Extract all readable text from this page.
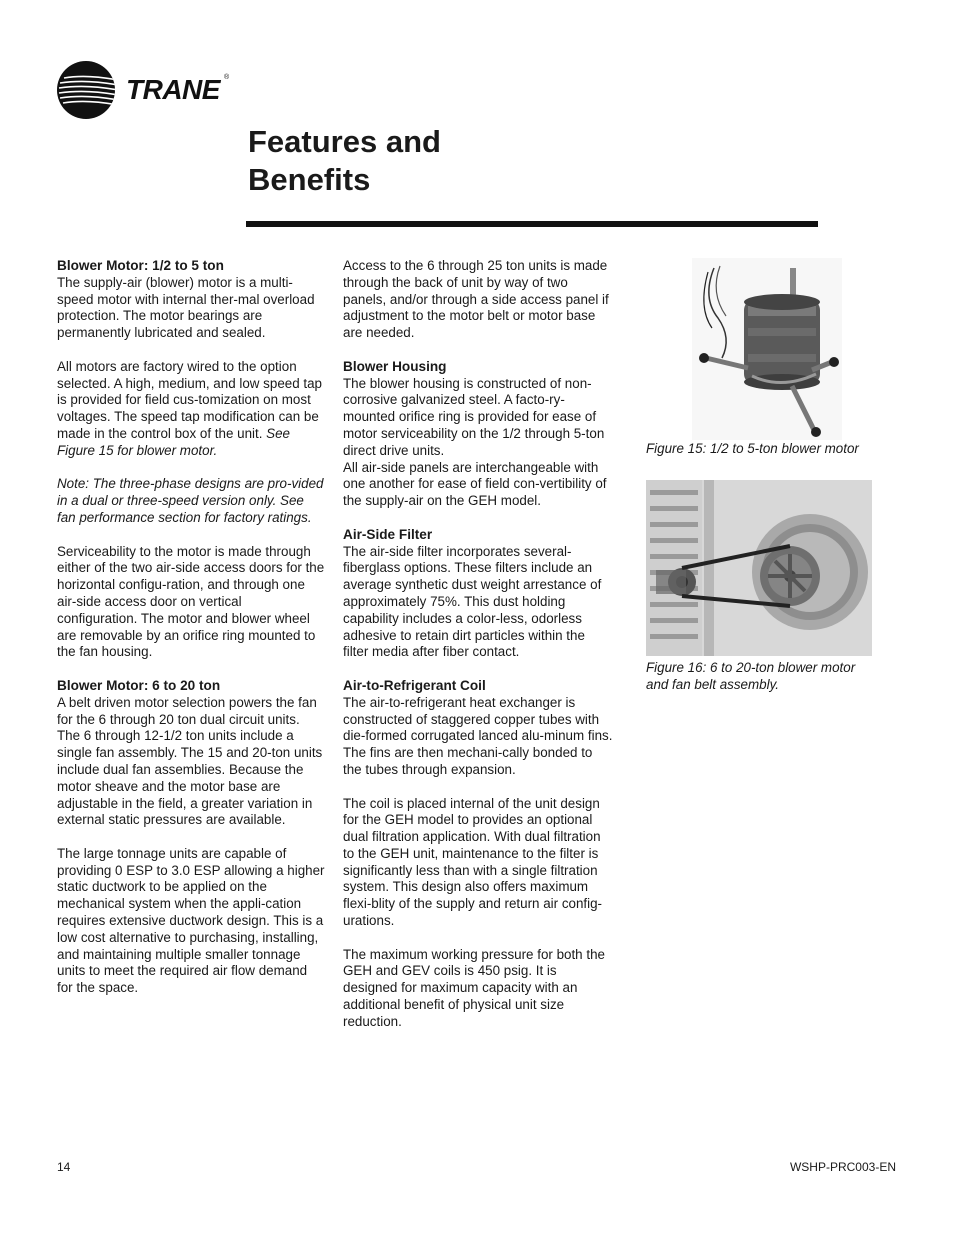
TRANE ®
Features and
Benefits
Blower Motor: 1/2 to 5 ton

The supply-air (blower) motor is a multi-speed motor with internal ther-mal overload protection. The motor bearings are permanently lubricated and sealed.

All motors are factory wired to the option selected. A high, medium, and low speed tap is provided for field cus-tomization on most voltages. The speed tap modification can be made in the control box of the unit. See Figure 15 for blower motor.

Note: The three-phase designs are pro-vided in a dual or three-speed version only. See fan performance section for factory ratings.

Serviceability to the motor is made through either of the two air-side access doors for the horizontal configu-ration, and through one air-side access door on vertical configuration. The motor and blower wheel are removable by an orifice ring mounted to the fan housing.

Blower Motor: 6 to 20 ton

A belt driven motor selection powers the fan for the 6 through 20 ton dual circuit units. The 6 through 12-1/2 ton units include a single fan assembly. The 15 and 20-ton units include dual fan assemblies. Because the motor sheave and the motor base are adjustable in the field, a greater variation in external static pressures are available.

The large tonnage units are capable of providing 0 ESP to 3.0 ESP allowing a higher static ductwork to be applied on the mechanical system when the appli-cation requires extensive ductwork design. This is a low cost alternative to purchasing, installing, and maintaining multiple smaller tonnage units to meet the required air flow demand for the space.

Access to the 6 through 25 ton units is made through the back of unit by way of two panels, and/or through a side access panel if adjustment to the motor belt or motor base are needed.

Blower Housing
The blower housing is constructed of non-corrosive galvanized steel. A facto-ry-mounted orifice ring is provided for ease of motor serviceability on the 1/2 through 5-ton direct drive units.
All air-side panels are interchangeable with one another for ease of field con-vertibility of the supply-air on the GEH model.
Air-Side Filter

The air-side filter incorporates several-fiberglass options. These filters include an average synthetic dust weight arrestance of approximately 75%. This dust holding capability includes a color-less, odorless adhesive to retain dirt particles within the filter media after fiber contact.

Air-to-Refrigerant Coil

The air-to-refrigerant heat exchanger is constructed of staggered copper tubes with die-formed corrugated lanced alu-minum fins. The fins are then mechani-cally bonded to the tubes through expansion.

The coil is placed internal of the unit design for the GEH model to provides an optional dual filtration application. With dual filtration to the GEH unit, maintenance to the filter is significantly less than with a single filtration system. This design also offers maximum flexi-blity of the supply and return air config-urations.

The maximum working pressure for both the GEH and GEV coils is 450 psig. It is designed for maximum capacity with an additional benefit of physical unit size reduction.

Figure 15: 1/2 to 5-ton blower motor
Figure 16: 6 to 20-ton blower motor
and fan belt assembly.
14	WSHP-PRC003-EN
